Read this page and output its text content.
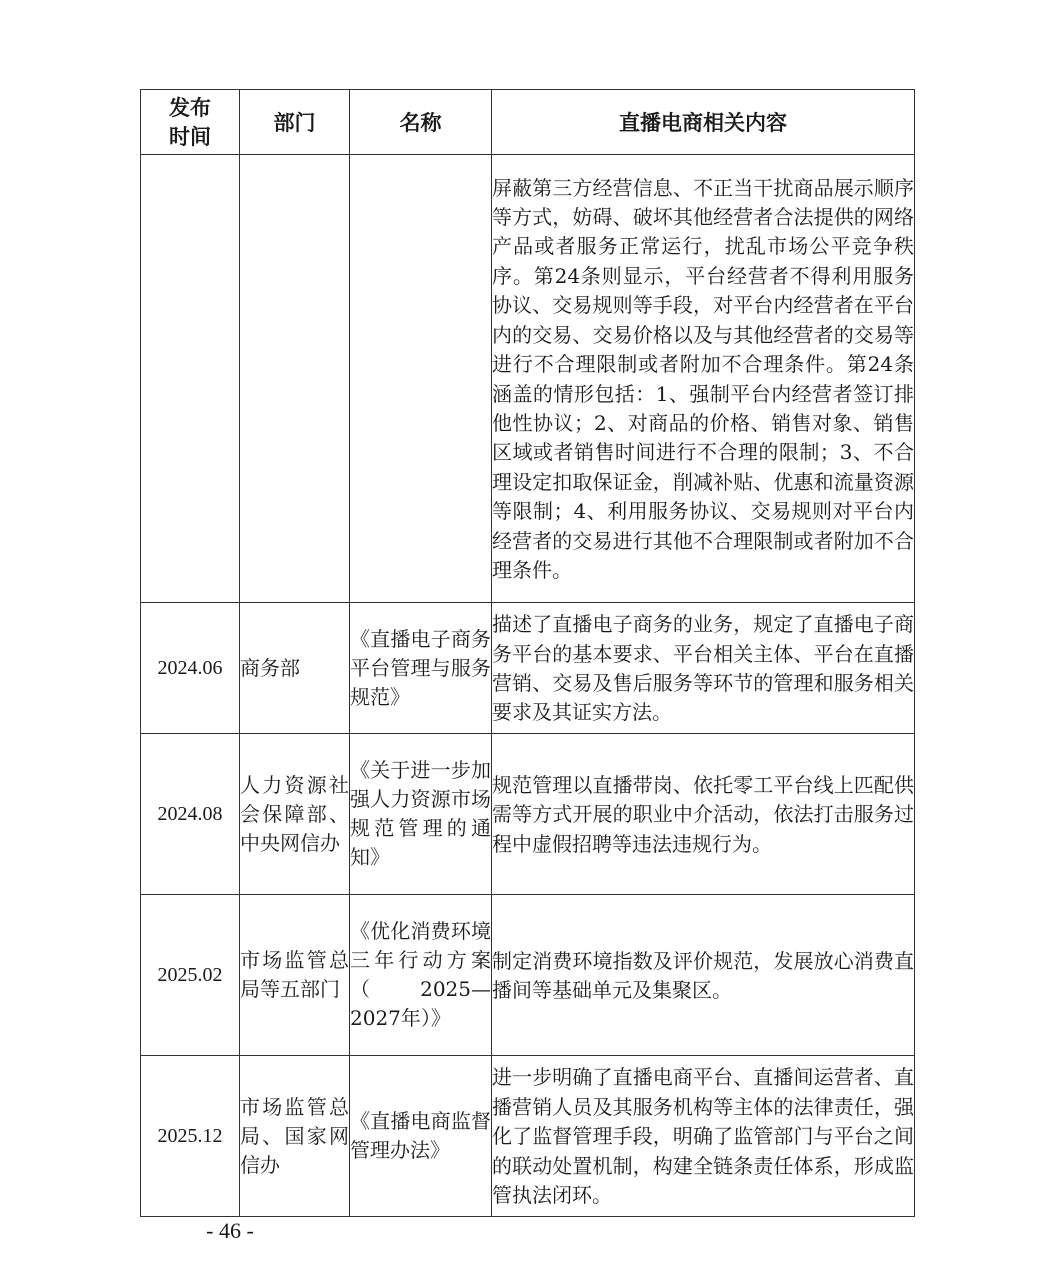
发布时间	部门	名称	直播电商相关内容
			屏蔽第三方经营信息、不正当干扰商品展示顺序等方式，妨碍、破坏其他经营者合法提供的网络产品或者服务正常运行，扰乱市场公平竞争秩序。第24条则显示，平台经营者不得利用服务协议、交易规则等手段，对平台内经营者在平台内的交易、交易价格以及与其他经营者的交易等进行不合理限制或者附加不合理条件。第24条涵盖的情形包括：1、强制平台内经营者签订排他性协议；2、对商品的价格、销售对象、销售区域或者销售时间进行不合理的限制；3、不合理设定扣取保证金，削减补贴、优惠和流量资源等限制；4、利用服务协议、交易规则对平台内经营者的交易进行其他不合理限制或者附加不合理条件。
2024.06	商务部	《直播电子商务平台管理与服务规范》	描述了直播电子商务的业务，规定了直播电子商务平台的基本要求、平台相关主体、平台在直播营销、交易及售后服务等环节的管理和服务相关要求及其证实方法。
2024.08	人力资源社会保障部、中央网信办	《关于进一步加强人力资源市场规范管理的通知》	规范管理以直播带岗、依托零工平台线上匹配供需等方式开展的职业中介活动，依法打击服务过程中虚假招聘等违法违规行为。
2025.02	市场监管总局等五部门	《优化消费环境三年行动方案（2025—2027年）》	制定消费环境指数及评价规范，发展放心消费直播间等基础单元及集聚区。
2025.12	市场监管总局、国家网信办	《直播电商监督管理办法》	进一步明确了直播电商平台、直播间运营者、直播营销人员及其服务机构等主体的法律责任，强化了监督管理手段，明确了监管部门与平台之间的联动处置机制，构建全链条责任体系，形成监管执法闭环。
- 46 -
